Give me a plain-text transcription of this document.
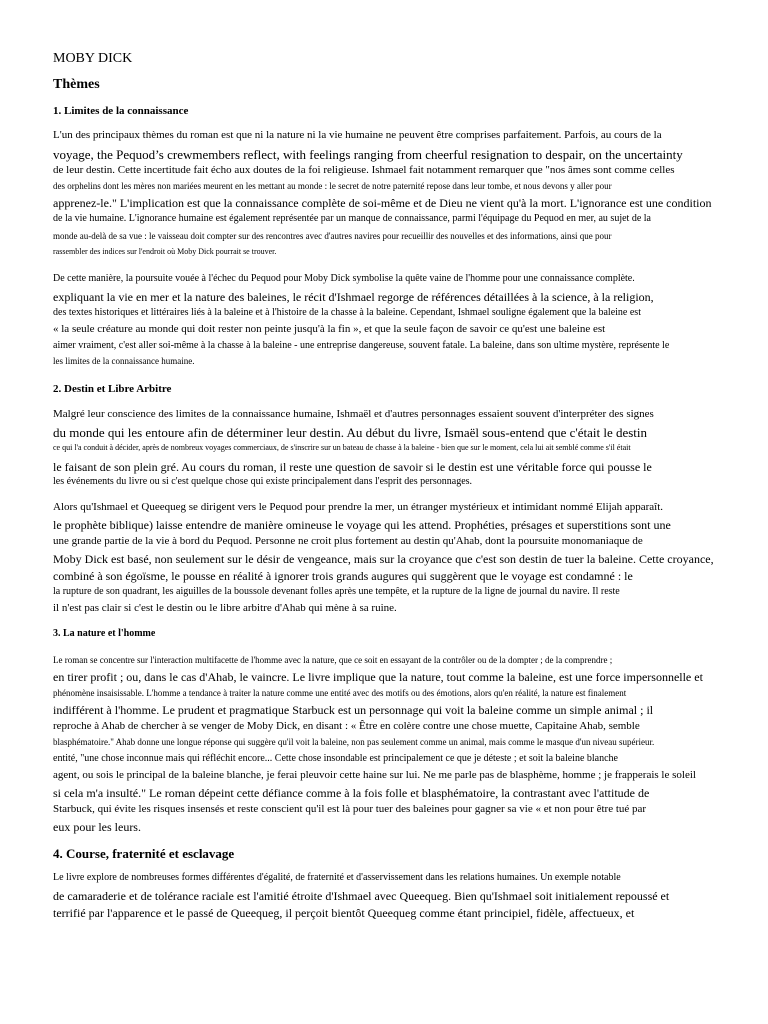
MOBY DICK
Thèmes
1. Limites de la connaissance
L'un des principaux thèmes du roman est que ni la nature ni la vie humaine ne peuvent être comprises parfaitement. Parfois, au cours de la
voyage, the Pequod’s crewmembers reflect, with feelings ranging from cheerful resignation to despair, on the uncertainty
de leur destin. Cette incertitude fait écho aux doutes de la foi religieuse. Ishmael fait notamment remarquer que "nos âmes sont comme celles
des orphelins dont les mères non mariées meurent en les mettant au monde : le secret de notre paternité repose dans leur tombe, et nous devons y aller pour
apprenez-le." L'implication est que la connaissance complète de soi-même et de Dieu ne vient qu'à la mort. L'ignorance est une condition
de la vie humaine. L'ignorance humaine est également représentée par un manque de connaissance, parmi l'équipage du Pequod en mer, au sujet de la
monde au-delà de sa vue : le vaisseau doit compter sur des rencontres avec d'autres navires pour recueillir des nouvelles et des informations, ainsi que pour
rassembler des indices sur l'endroit où Moby Dick pourrait se trouver.
De cette manière, la poursuite vouée à l'échec du Pequod pour Moby Dick symbolise la quête vaine de l'homme pour une connaissance complète.
expliquant la vie en mer et la nature des baleines, le récit d'Ishmael regorge de références détaillées à la science, à la religion,
des textes historiques et littéraires liés à la baleine et à l'histoire de la chasse à la baleine. Cependant, Ishmael souligne également que la baleine est
« la seule créature au monde qui doit rester non peinte jusqu'à la fin », et que la seule façon de savoir ce qu'est une baleine est
aimer vraiment, c'est aller soi-même à la chasse à la baleine - une entreprise dangereuse, souvent fatale. La baleine, dans son ultime mystère, représente le
les limites de la connaissance humaine.
2. Destin et Libre Arbitre
Malgré leur conscience des limites de la connaissance humaine, Ishmaël et d'autres personnages essaient souvent d'interpréter des signes
du monde qui les entoure afin de déterminer leur destin. Au début du livre, Ismaël sous-entend que c'était le destin
ce qui l'a conduit à décider, après de nombreux voyages commerciaux, de s'inscrire sur un bateau de chasse à la baleine - bien que sur le moment, cela lui ait semblé comme s'il était
le faisant de son plein gré. Au cours du roman, il reste une question de savoir si le destin est une véritable force qui pousse le
les événements du livre ou si c'est quelque chose qui existe principalement dans l'esprit des personnages.
Alors qu'Ishmael et Queequeg se dirigent vers le Pequod pour prendre la mer, un étranger mystérieux et intimidant nommé Elijah apparaît.
le prophète biblique) laisse entendre de manière omineuse le voyage qui les attend. Prophéties, présages et superstitions sont une
une grande partie de la vie à bord du Pequod. Personne ne croit plus fortement au destin qu'Ahab, dont la poursuite monomaniaque de
Moby Dick est basé, non seulement sur le désir de vengeance, mais sur la croyance que c'est son destin de tuer la baleine. Cette croyance,
combiné à son égoïsme, le pousse en réalité à ignorer trois grands augures qui suggèrent que le voyage est condamné : le
la rupture de son quadrant, les aiguilles de la boussole devenant folles après une tempête, et la rupture de la ligne de journal du navire. Il reste
il n'est pas clair si c'est le destin ou le libre arbitre d'Ahab qui mène à sa ruine.
3. La nature et l'homme
Le roman se concentre sur l'interaction multifacette de l'homme avec la nature, que ce soit en essayant de la contrôler ou de la dompter ; de la comprendre ;
en tirer profit ; ou, dans le cas d'Ahab, le vaincre. Le livre implique que la nature, tout comme la baleine, est une force impersonnelle et
phénomène insaisissable. L'homme a tendance à traiter la nature comme une entité avec des motifs ou des émotions, alors qu'en réalité, la nature est finalement
indifférent à l'homme. Le prudent et pragmatique Starbuck est un personnage qui voit la baleine comme un simple animal ; il
reproche à Ahab de chercher à se venger de Moby Dick, en disant : « Être en colère contre une chose muette, Capitaine Ahab, semble
blasphématoire." Ahab donne une longue réponse qui suggère qu'il voit la baleine, non pas seulement comme un animal, mais comme le masque d'un niveau supérieur.
entité, "une chose inconnue mais qui réfléchit encore... Cette chose insondable est principalement ce que je déteste ; et soit la baleine blanche
agent, ou sois le principal de la baleine blanche, je ferai pleuvoir cette haine sur lui. Ne me parle pas de blasphème, homme ; je frapperais le soleil
si cela m'a insulté." Le roman dépeint cette défiance comme à la fois folle et blasphématoire, la contrastant avec l'attitude de
Starbuck, qui évite les risques insensés et reste conscient qu'il est là pour tuer des baleines pour gagner sa vie « et non pour être tué par
eux pour les leurs.
4. Course, fraternité et esclavage
Le livre explore de nombreuses formes différentes d'égalité, de fraternité et d'asservissement dans les relations humaines. Un exemple notable
de camaraderie et de tolérance raciale est l'amitié étroite d'Ishmael avec Queequeg. Bien qu'Ishmael soit initialement repoussé et
terrifié par l'apparence et le passé de Queequeg, il perçoit bientôt Queequeg comme étant principiel, fidèle, affectueux, et
